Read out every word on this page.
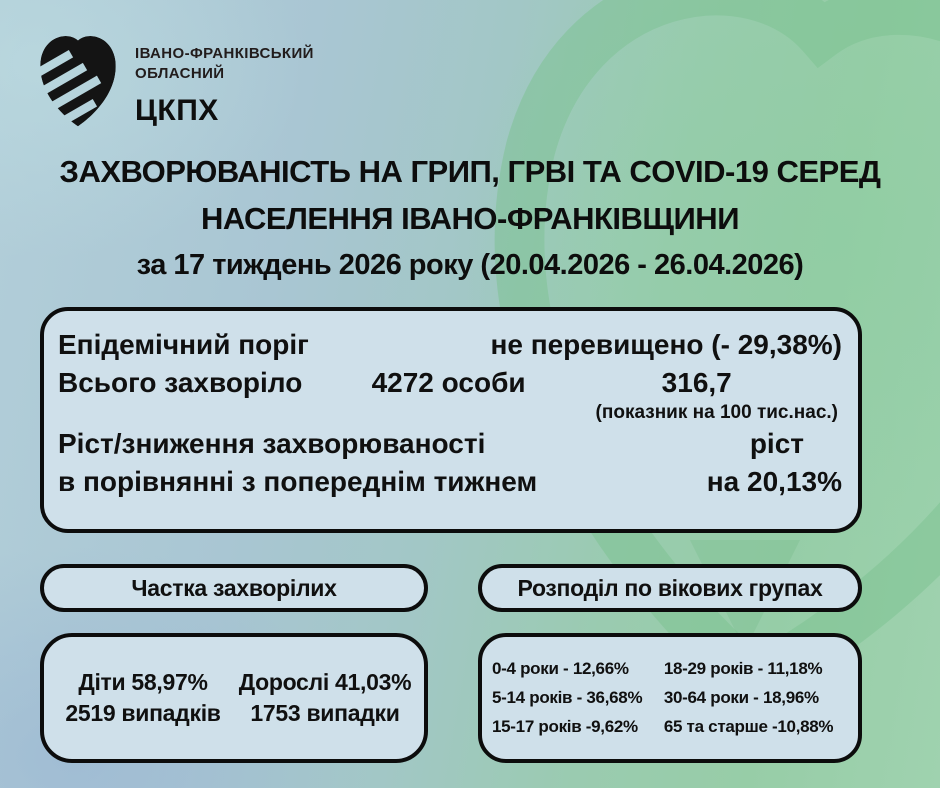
ІВАНО-ФРАНКІВСЬКИЙ
ОБЛАСНИЙ
ЦКПХ
ЗАХВОРЮВАНІСТЬ НА ГРИП, ГРВІ ТА COVID-19 СЕРЕД
НАСЕЛЕННЯ ІВАНО-ФРАНКІВЩИНИ
за 17 тиждень 2026 року (20.04.2026 - 26.04.2026)
Епідемічний поріг	не перевищено (- 29,38%)
Всього захворіло	4272 особи	316,7
(показник на 100 тис.нас.)
Ріст/зниження захворюваності	ріст
в порівнянні з попереднім тижнем	на 20,13%
Частка захворілих	Розподіл по вікових групах
Діти 58,97%	Дорослі 41,03%
2519 випадків	1753 випадки
0-4 роки - 12,66%	18-29 років - 11,18%
5-14 років - 36,68%	30-64 роки - 18,96%
15-17 років -9,62%	65 та старше -10,88%
